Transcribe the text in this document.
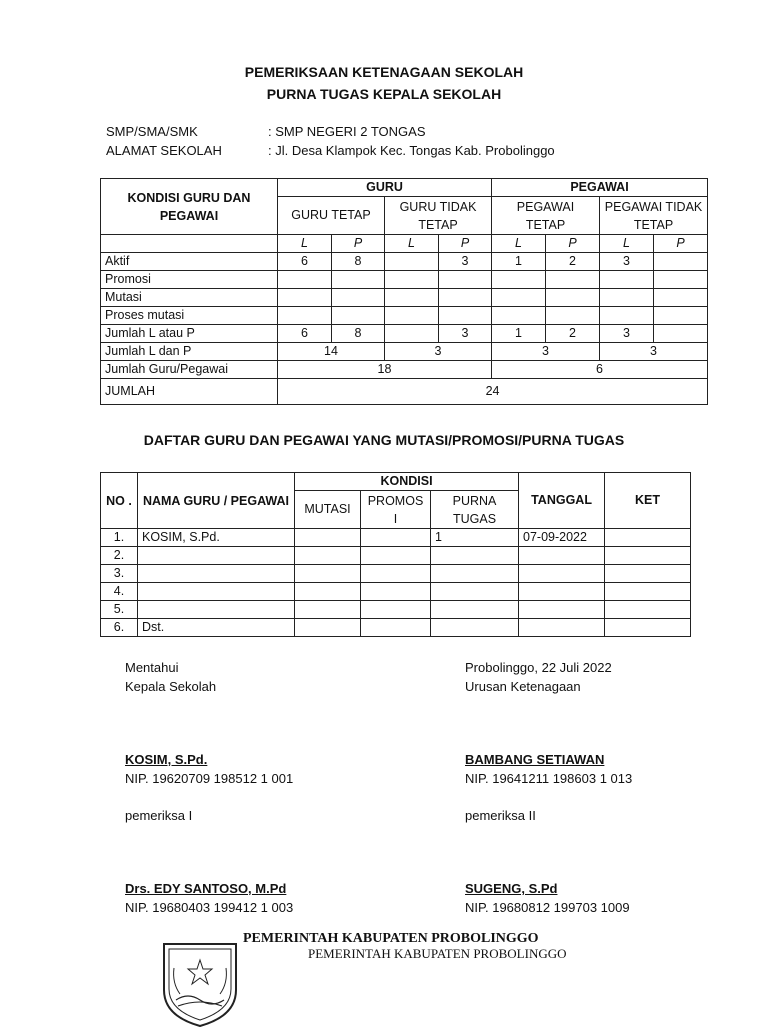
PEMERIKSAAN KETENAGAAN SEKOLAH
PURNA TUGAS KEPALA SEKOLAH
SMP/SMA/SMK	: SMP NEGERI 2 TONGAS
ALAMAT SEKOLAH	: Jl. Desa Klampok Kec. Tongas Kab. Probolinggo
KONDISI GURU DAN PEGAWAI	GURU				PEGAWAI			
	GURU TETAP		GURU TIDAK TETAP		PEGAWAI TETAP		PEGAWAI TIDAK TETAP	
	L	P	L	P	L	P	L	P
Aktif	6	8		3	1	2	3	
Promosi								
Mutasi								
Proses mutasi								
Jumlah L atau P	6	8		3	1	2	3	
Jumlah L dan P	14		3		3		3	
Jumlah Guru/Pegawai	18				6			
JUMLAH	24							
DAFTAR GURU DAN PEGAWAI YANG MUTASI/PROMOSI/PURNA TUGAS
NO .	NAMA GURU / PEGAWAI	KONDISI			TANGGAL	KET
		MUTASI	PROMOS I	PURNA TUGAS		
1.	KOSIM, S.Pd.			1	07-09-2022	
2.						
3.						
4.						
5.						
6.	Dst.					
Mentahui
Kepala Sekolah
Probolinggo, 22 Juli 2022
Urusan Ketenagaan
KOSIM, S.Pd.
NIP. 19620709 198512 1 001
BAMBANG SETIAWAN
NIP. 19641211 198603 1 013
pemeriksa I	pemeriksa II
Drs. EDY SANTOSO, M.Pd
NIP. 19680403 199412 1 003
SUGENG, S.Pd
NIP. 19680812 199703 1009
PEMERINTAH KABUPATEN PROBOLINGGO
PEMERINTAH KABUPATEN PROBOLINGGO
